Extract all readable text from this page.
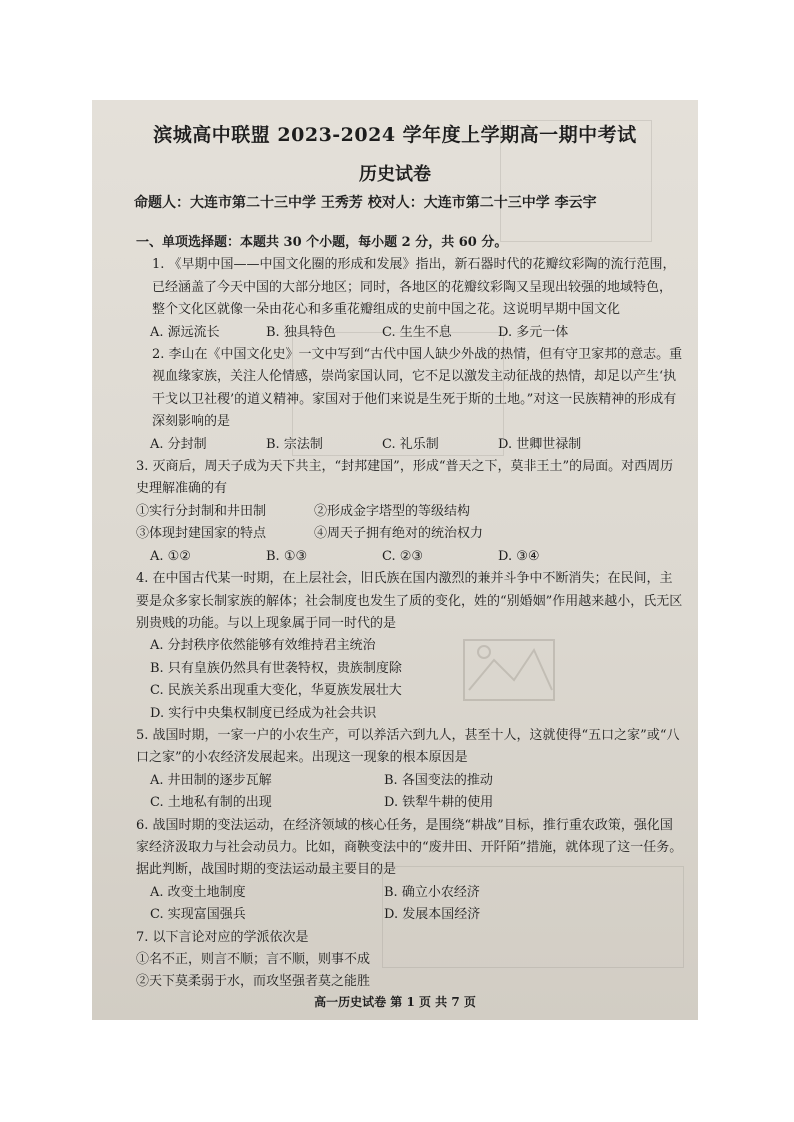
滨城高中联盟 2023-2024 学年度上学期高一期中考试
历史试卷
命题人：大连市第二十三中学 王秀芳 校对人：大连市第二十三中学 李云宇
一、单项选择题：本题共 30 个小题，每小题 2 分，共 60 分。

1. 《早期中国——中国文化圈的形成和发展》指出，新石器时代的花瓣纹彩陶的流行范围，已经涵盖了今天中国的大部分地区；同时，各地区的花瓣纹彩陶又呈现出较强的地域特色，整个文化区就像一朵由花心和多重花瓣组成的史前中国之花。这说明早期中国文化

A. 源远流长	B. 独具特色	C. 生生不息	D. 多元一体

2. 李山在《中国文化史》一文中写到“古代中国人缺少外战的热情，但有守卫家邦的意志。重视血缘家族，关注人伦情感，崇尚家国认同，它不足以激发主动征战的热情，却足以产生‘执干戈以卫社稷’的道义精神。家国对于他们来说是生死于斯的土地。”对这一民族精神的形成有深刻影响的是

A. 分封制	B. 宗法制	C. 礼乐制	D. 世卿世禄制

3. 灭商后，周天子成为天下共主，“封邦建国”，形成“普天之下，莫非王土”的局面。对西周历史理解准确的有

①实行分封制和井田制	②形成金字塔型的等级结构
③体现封建国家的特点	④周天子拥有绝对的统治权力
A. ①②	B. ①③	C. ②③	D. ③④

4. 在中国古代某一时期，在上层社会，旧氏族在国内激烈的兼并斗争中不断消失；在民间，主要是众多家长制家族的解体；社会制度也发生了质的变化，姓的“别婚姻”作用越来越小，氏无区别贵贱的功能。与以上现象属于同一时代的是

A. 分封秩序依然能够有效维持君主统治
B. 只有皇族仍然具有世袭特权，贵族制度除
C. 民族关系出现重大变化，华夏族发展壮大
D. 实行中央集权制度已经成为社会共识

5. 战国时期，一家一户的小农生产，可以养活六到九人，甚至十人，这就使得“五口之家”或“八口之家”的小农经济发展起来。出现这一现象的根本原因是

A. 井田制的逐步瓦解	B. 各国变法的推动
C. 土地私有制的出现	D. 铁犁牛耕的使用

6. 战国时期的变法运动，在经济领域的核心任务，是围绕“耕战”目标，推行重农政策，强化国家经济汲取力与社会动员力。比如，商鞅变法中的“废井田、开阡陌”措施，就体现了这一任务。据此判断，战国时期的变法运动最主要目的是

A. 改变土地制度	B. 确立小农经济
C. 实现富国强兵	D. 发展本国经济

7. 以下言论对应的学派依次是

①名不正，则言不顺；言不顺，则事不成
②天下莫柔弱于水，而攻坚强者莫之能胜
高一历史试卷 第 1 页 共 7 页
